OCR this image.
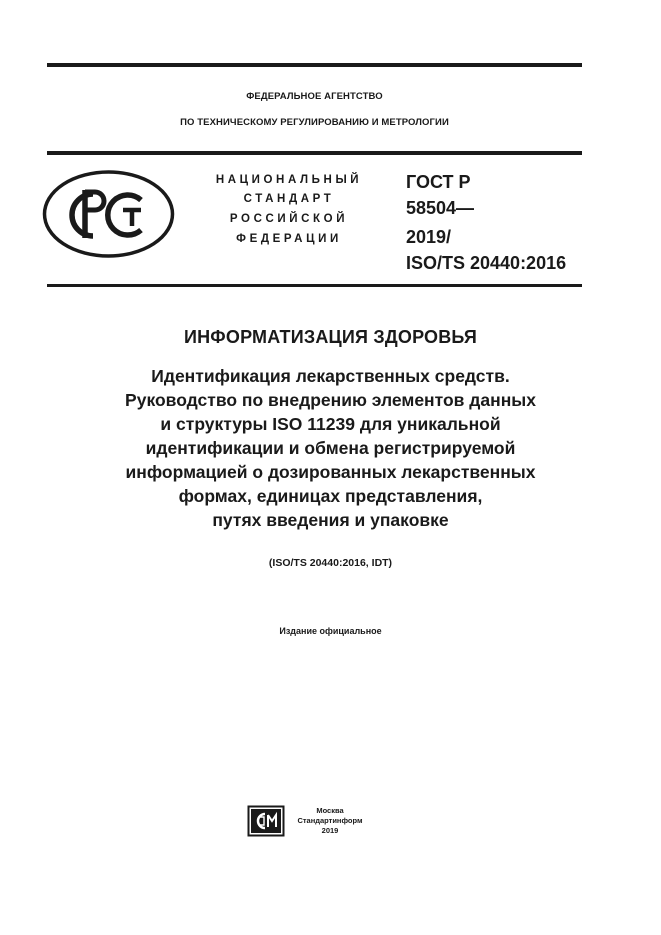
ФЕДЕРАЛЬНОЕ АГЕНТСТВО
ПО ТЕХНИЧЕСКОМУ РЕГУЛИРОВАНИЮ И МЕТРОЛОГИИ
НАЦИОНАЛЬНЫЙ
СТАНДАРТ
РОССИЙСКОЙ
ФЕДЕРАЦИИ
ГОСТ Р
58504—
2019/
ISO/TS 20440:2016
ИНФОРМАТИЗАЦИЯ ЗДОРОВЬЯ
Идентификация лекарственных средств.
Руководство по внедрению элементов данных
и структуры ISO 11239 для уникальной
идентификации и обмена регистрируемой
информацией о дозированных лекарственных
формах, единицах представления,
путях введения и упаковке
(ISO/TS 20440:2016, IDT)
Издание официальное
Москва
Стандартинформ
2019
